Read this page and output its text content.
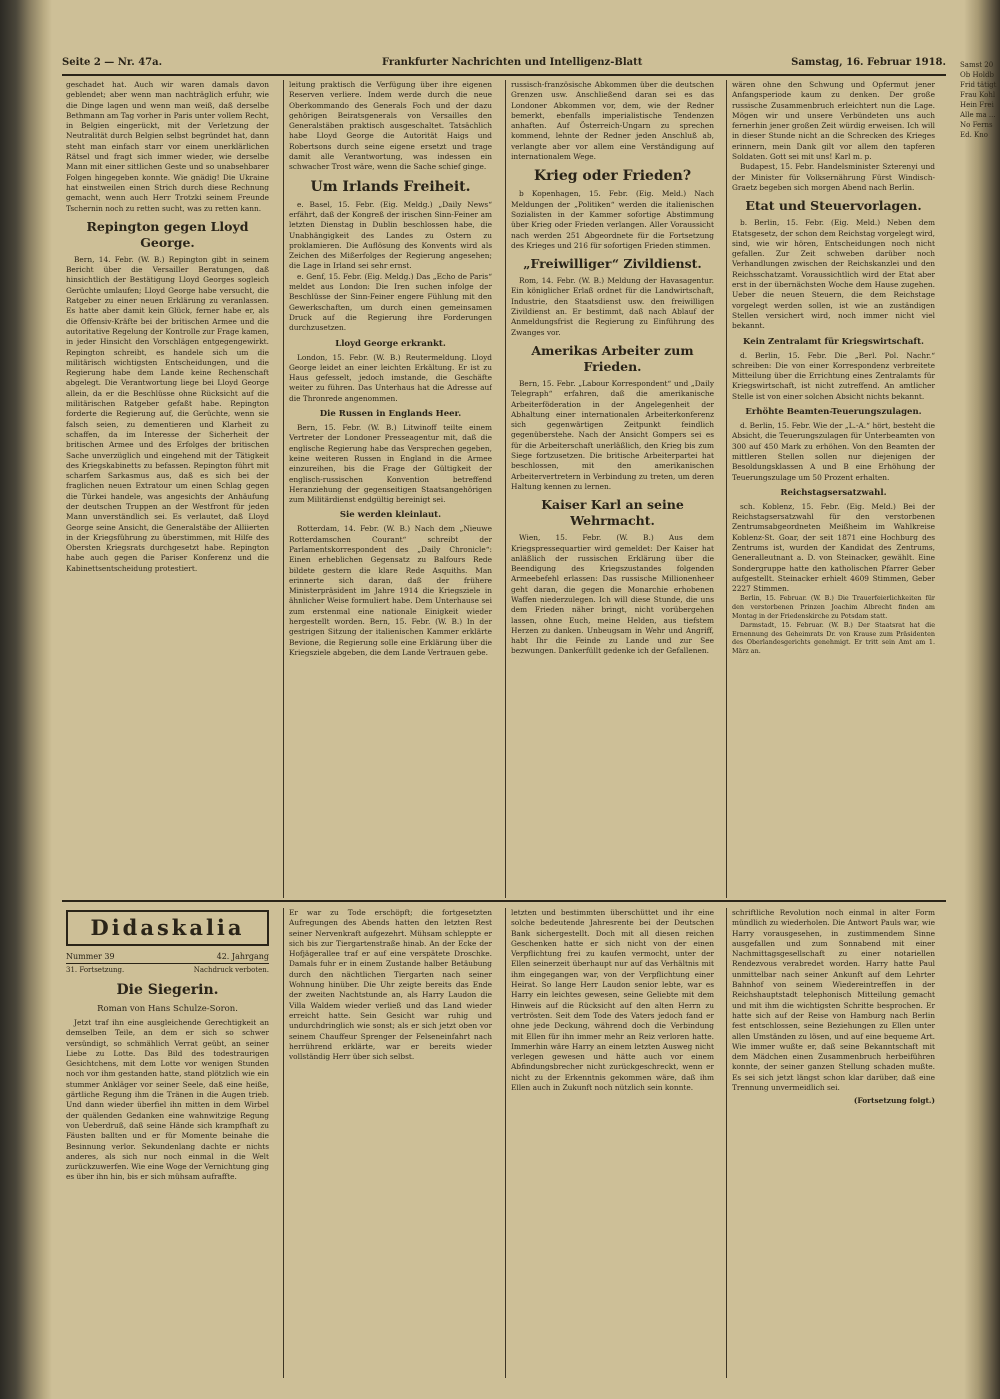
Samst 20 Ob Holdb Frid tätigt Frau Kohl Hein Frei Alle ma ... No Ferns Ed. Kno
Seite 2 — Nr. 47a.	Frankfurter Nachrichten und Intelligenz-Blatt	Samstag, 16. Februar 1918.

geschadet hat. Auch wir waren damals davon geblendet; aber wenn man nachträglich erfuhr, wie die Dinge lagen und wenn man weiß, daß derselbe Bethmann am Tag vorher in Paris unter vollem Recht, in Belgien eingerückt, mit der Verletzung der Neutralität durch Belgien selbst begründet hat, dann steht man einfach starr vor einem unerklärlichen Rätsel und fragt sich immer wieder, wie derselbe Mann mit einer sittlichen Geste und so unabsehbarer Folgen hingegeben konnte. Wie gnädig! Die Ukraine hat einstweilen einen Strich durch diese Rechnung gemacht, wenn auch Herr Trotzki seinem Freunde Tschernin noch zu retten sucht, was zu retten kann.

Repington gegen Lloyd George.

Bern, 14. Febr. (W. B.) Repington gibt in seinem Bericht über die Versailler Beratungen, daß hinsichtlich der Bestätigung Lloyd Georges sogleich Gerüchte umlaufen; Lloyd George habe versucht, die Ratgeber zu einer neuen Erklärung zu veranlassen. Es hatte aber damit kein Glück, ferner habe er, als die Offensiv-Kräfte bei der britischen Armee und die autoritative Regelung der Kontrolle zur Frage kamen, in jeder Hinsicht den Vorschlägen entgegengewirkt. Repington schreibt, es handele sich um die militärisch wichtigsten Entscheidungen, und die Regierung habe dem Lande keine Rechenschaft abgelegt. Die Verantwortung liege bei Lloyd George allein, da er die Beschlüsse ohne Rücksicht auf die militärischen Ratgeber gefaßt habe. Repington forderte die Regierung auf, die Gerüchte, wenn sie falsch seien, zu dementieren und Klarheit zu schaffen, da im Interesse der Sicherheit der britischen Armee und des Erfolges der britischen Sache unverzüglich und eingehend mit der Tätigkeit des Kriegskabinetts zu befassen. Repington führt mit scharfem Sarkasmus aus, daß es sich bei der fraglichen neuen Extratour um einen Schlag gegen die Türkei handele, was angesichts der Anhäufung der deutschen Truppen an der Westfront für jeden Mann unverständlich sei. Es verlautet, daß Lloyd George seine Ansicht, die Generalstäbe der Alliierten in der Kriegsführung zu überstimmen, mit Hilfe des Obersten Kriegsrats durchgesetzt habe. Repington habe auch gegen die Pariser Konferenz und die Kabinettsentscheidung protestiert.

leitung praktisch die Verfügung über ihre eigenen Reserven verliere. Indem werde durch die neue Oberkommando des Generals Foch und der dazu gehörigen Beiratsgenerals von Versailles den Generalstäben praktisch ausgeschaltet. Tatsächlich habe Lloyd George die Autorität Haigs und Robertsons durch seine eigene ersetzt und trage damit alle Verantwortung, was indessen ein schwacher Trost wäre, wenn die Sache schief ginge.

Um Irlands Freiheit.

e. Basel, 15. Febr. (Eig. Meldg.) „Daily News“ erfährt, daß der Kongreß der irischen Sinn-Feiner am letzten Dienstag in Dublin beschlossen habe, die Unabhängigkeit des Landes zu Ostern zu proklamieren. Die Auflösung des Konvents wird als Zeichen des Mißerfolges der Regierung angesehen; die Lage in Irland sei sehr ernst.

e. Genf, 15. Febr. (Eig. Meldg.) Das „Echo de Paris“ meldet aus London: Die Iren suchen infolge der Beschlüsse der Sinn-Feiner engere Fühlung mit den Gewerkschaften, um durch einen gemeinsamen Druck auf die Regierung ihre Forderungen durchzusetzen.

Lloyd George erkrankt.

London, 15. Febr. (W. B.) Reutermeldung. Lloyd George leidet an einer leichten Erkältung. Er ist zu Haus gefesselt, jedoch imstande, die Geschäfte weiter zu führen. Das Unterhaus hat die Adresse auf die Thronrede angenommen.

Die Russen in Englands Heer.

Bern, 15. Febr. (W. B.) Litwinoff teilte einem Vertreter der Londoner Presseagentur mit, daß die englische Regierung habe das Versprechen gegeben, keine weiteren Russen in England in die Armee einzureihen, bis die Frage der Gültigkeit der englisch-russischen Konvention betreffend Heranziehung der gegenseitigen Staatsangehörigen zum Militärdienst endgültig bereinigt sei.

Sie werden kleinlaut.

Rotterdam, 14. Febr. (W. B.) Nach dem „Nieuwe Rotterdamschen Courant“ schreibt der Parlamentskorrespondent des „Daily Chronicle“: Einen erheblichen Gegensatz zu Balfours Rede bildete gestern die klare Rede Asquiths. Man erinnerte sich daran, daß der frühere Ministerpräsident im Jahre 1914 die Kriegsziele in ähnlicher Weise formuliert habe. Dem Unterhause sei zum erstenmal eine nationale Einigkeit wieder hergestellt worden. Bern, 15. Febr. (W. B.) In der gestrigen Sitzung der italienischen Kammer erklärte Bevione, die Regierung solle eine Erklärung über die Kriegsziele abgeben, die dem Lande Vertrauen gebe.

russisch-französische Abkommen über die deutschen Grenzen usw. Anschließend daran sei es das Londoner Abkommen vor, dem, wie der Redner bemerkt, ebenfalls imperialistische Tendenzen anhaften. Auf Österreich-Ungarn zu sprechen kommend, lehnte der Redner jeden Anschluß ab, verlangte aber vor allem eine Verständigung auf internationalem Wege.

Krieg oder Frieden?

b Kopenhagen, 15. Febr. (Eig. Meld.) Nach Meldungen der „Politiken“ werden die italienischen Sozialisten in der Kammer sofortige Abstimmung über Krieg oder Frieden verlangen. Aller Voraussicht nach werden 251 Abgeordnete für die Fortsetzung des Krieges und 216 für sofortigen Frieden stimmen.

„Freiwilliger“ Zivildienst.

Rom, 14. Febr. (W. B.) Meldung der Havasagentur. Ein königlicher Erlaß ordnet für die Landwirtschaft, Industrie, den Staatsdienst usw. den freiwilligen Zivildienst an. Er bestimmt, daß nach Ablauf der Anmeldungsfrist die Regierung zu Einführung des Zwanges vor.

Amerikas Arbeiter zum Frieden.

Bern, 15. Febr. „Labour Korrespondent“ und „Daily Telegraph“ erfahren, daß die amerikanische Arbeiterföderation in der Angelegenheit der Abhaltung einer internationalen Arbeiterkonferenz sich gegenwärtigen Zeitpunkt feindlich gegenüberstehe. Nach der Ansicht Gompers sei es für die Arbeiterschaft unerläßlich, den Krieg bis zum Siege fortzusetzen. Die britische Arbeiterpartei hat beschlossen, mit den amerikanischen Arbeitervertretern in Verbindung zu treten, um deren Haltung kennen zu lernen.

Kaiser Karl an seine Wehrmacht.

Wien, 15. Febr. (W. B.) Aus dem Kriegspressequartier wird gemeldet: Der Kaiser hat anläßlich der russischen Erklärung über die Beendigung des Kriegszustandes folgenden Armeebefehl erlassen: Das russische Millionenheer geht daran, die gegen die Monarchie erhobenen Waffen niederzulegen. Ich will diese Stunde, die uns dem Frieden näher bringt, nicht vorübergehen lassen, ohne Euch, meine Helden, aus tiefstem Herzen zu danken. Unbeugsam in Wehr und Angriff, habt Ihr die Feinde zu Lande und zur See bezwungen. Dankerfüllt gedenke ich der Gefallenen.

wären ohne den Schwung und Opfermut jener Anfangsperiode kaum zu denken. Der große russische Zusammenbruch erleichtert nun die Lage. Mögen wir und unsere Verbündeten uns auch fernerhin jener großen Zeit würdig erweisen. Ich will in dieser Stunde nicht an die Schrecken des Krieges erinnern, mein Dank gilt vor allem den tapferen Soldaten. Gott sei mit uns! Karl m. p.

Budapest, 15. Febr. Handelsminister Szterenyi und der Minister für Volksernährung Fürst Windisch-Graetz begeben sich morgen Abend nach Berlin.

Etat und Steuervorlagen.

b. Berlin, 15. Febr. (Eig. Meld.) Neben dem Etatsgesetz, der schon dem Reichstag vorgelegt wird, sind, wie wir hören, Entscheidungen noch nicht gefallen. Zur Zeit schweben darüber noch Verhandlungen zwischen der Reichskanzlei und den Reichsschatzamt. Voraussichtlich wird der Etat aber erst in der übernächsten Woche dem Hause zugehen. Ueber die neuen Steuern, die dem Reichstage vorgelegt werden sollen, ist wie an zuständigen Stellen versichert wird, noch immer nicht viel bekannt.

Kein Zentralamt für Kriegswirtschaft.

d. Berlin, 15. Febr. Die „Berl. Pol. Nachr.“ schreiben: Die von einer Korrespondenz verbreitete Mitteilung über die Errichtung eines Zentralamts für Kriegswirtschaft, ist nicht zutreffend. An amtlicher Stelle ist von einer solchen Absicht nichts bekannt.

Erhöhte Beamten-Teuerungszulagen.

d. Berlin, 15. Febr. Wie der „L.-A.“ hört, besteht die Absicht, die Teuerungszulagen für Unterbeamten von 300 auf 450 Mark zu erhöhen. Von den Beamten der mittleren Stellen sollen nur diejenigen der Besoldungsklassen A und B eine Erhöhung der Teuerungszulage um 50 Prozent erhalten.

Reichstagsersatzwahl.

sch. Koblenz, 15. Febr. (Eig. Meld.) Bei der Reichstagsersatzwahl für den verstorbenen Zentrumsabgeordneten Meißheim im Wahlkreise Koblenz-St. Goar, der seit 1871 eine Hochburg des Zentrums ist, wurden der Kandidat des Zentrums, Generalleutnant a. D. von Steinacker, gewählt. Eine Sondergruppe hatte den katholischen Pfarrer Geber aufgestellt. Steinacker erhielt 4609 Stimmen, Geber 2227 Stimmen.

Berlin, 15. Februar. (W. B.) Die Trauerfeierlichkeiten für den verstorbenen Prinzen Joachim Albrecht finden am Montag in der Friedenskirche zu Potsdam statt.

Darmstadt, 15. Februar. (W. B.) Der Staatsrat hat die Ernennung des Geheimrats Dr. von Krause zum Präsidenten des Oberlandesgerichts genehmigt. Er tritt sein Amt am 1. März an.

Didaskalia
Nummer 39	42. Jahrgang
31. Fortsetzung.	Nachdruck verboten.
Die Siegerin.
Roman von Hans Schulze-Soron.

Jetzt traf ihn eine ausgleichende Gerechtigkeit an demselben Teile, an dem er sich so schwer versündigt, so schmählich Verrat geübt, an seiner Liebe zu Lotte. Das Bild des todestraurigen Gesichtchens, mit dem Lotte vor wenigen Stunden noch vor ihm gestanden hatte, stand plötzlich wie ein stummer Ankläger vor seiner Seele, daß eine heiße, gärtliche Regung ihm die Tränen in die Augen trieb. Und dann wieder überfiel ihn mitten in dem Wirbel der quälenden Gedanken eine wahnwitzige Regung von Ueberdruß, daß seine Hände sich krampfhaft zu Fäusten ballten und er für Momente beinahe die Besinnung verlor. Sekundenlang dachte er nichts anderes, als sich nur noch einmal in die Welt zurückzuwerfen. Wie eine Woge der Vernichtung ging es über ihn hin, bis er sich mühsam aufraffte.

Er war zu Tode erschöpft; die fortgesetzten Aufregungen des Abends hatten den letzten Rest seiner Nervenkraft aufgezehrt. Mühsam schleppte er sich bis zur Tiergartenstraße hinab. An der Ecke der Hofjägerallee traf er auf eine verspätete Droschke. Damals fuhr er in einem Zustande halber Betäubung durch den nächtlichen Tiergarten nach seiner Wohnung hinüber. Die Uhr zeigte bereits das Ende der zweiten Nachtstunde an, als Harry Laudon die Villa Waldem wieder verließ und das Land wieder erreicht hatte. Sein Gesicht war ruhig und undurchdringlich wie sonst; als er sich jetzt oben vor seinem Chauffeur Sprenger der Felseneinfahrt nach herrührend erklärte, war er bereits wieder vollständig Herr über sich selbst.

letzten und bestimmten überschüttet und ihr eine solche bedeutende Jahresrente bei der Deutschen Bank sichergestellt. Doch mit all diesen reichen Geschenken hatte er sich nicht von der einen Verpflichtung frei zu kaufen vermocht, unter der Ellen seinerzeit überhaupt nur auf das Verhältnis mit ihm eingegangen war, von der Verpflichtung einer Heirat. So lange Herr Laudon senior lebte, war es Harry ein leichtes gewesen, seine Geliebte mit dem Hinweis auf die Rücksicht auf den alten Herrn zu vertrösten. Seit dem Tode des Vaters jedoch fand er ohne jede Deckung, während doch die Verbindung mit Ellen für ihn immer mehr an Reiz verloren hatte. Immerhin wäre Harry an einem letzten Ausweg nicht verlegen gewesen und hätte auch vor einem Abfindungsbrecher nicht zurückgeschreckt, wenn er nicht zu der Erkenntnis gekommen wäre, daß ihm Ellen auch in Zukunft noch nützlich sein konnte.

schriftliche Revolution noch einmal in alter Form mündlich zu wiederholen. Die Antwort Pauls war, wie Harry vorausgesehen, in zustimmendem Sinne ausgefallen und zum Sonnabend mit einer Nachmittagsgesellschaft zu einer notariellen Rendezvous verabredet worden. Harry hatte Paul unmittelbar nach seiner Ankunft auf dem Lehrter Bahnhof von seinem Wiedereintreffen in der Reichshauptstadt telephonisch Mitteilung gemacht und mit ihm die wichtigsten Schritte besprochen. Er hatte sich auf der Reise von Hamburg nach Berlin fest entschlossen, seine Beziehungen zu Ellen unter allen Umständen zu lösen, und auf eine bequeme Art. Wie immer wußte er, daß seine Bekanntschaft mit dem Mädchen einen Zusammenbruch herbeiführen konnte, der seiner ganzen Stellung schaden mußte. Es sei sich jetzt längst schon klar darüber, daß eine Trennung unvermeidlich sei.

(Fortsetzung folgt.)
